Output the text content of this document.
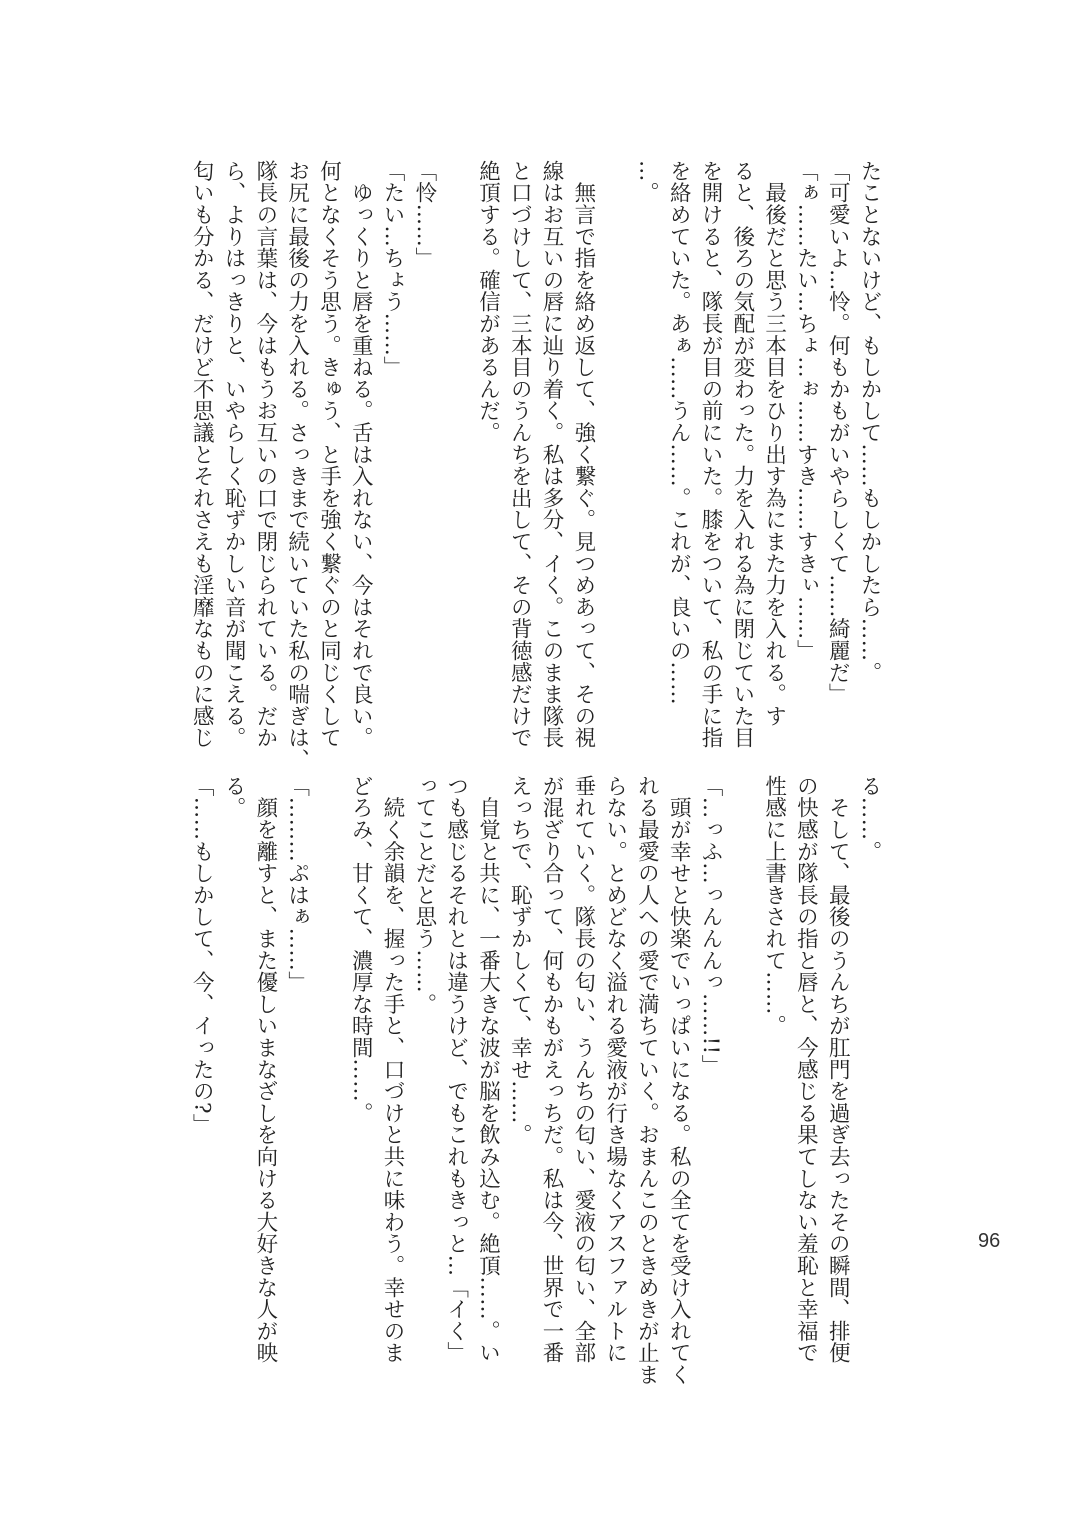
たことないけど、もしかして……もしかしたら……。
「可愛いよ…怜。何もかもがいやらしくて……綺麗だ」
「ぁ……たい…ちょ…ぉ……すき……すきぃ……」
　最後だと思う三本目をひり出す為にまた力を入れる。す
ると、後ろの気配が変わった。力を入れる為に閉じていた目
を開けると、隊長が目の前にいた。膝をついて、私の手に指
を絡めていた。あぁ……うん……。これが、良いの……
…。
　無言で指を絡め返して、強く繋ぐ。見つめあって、その視
線はお互いの唇に辿り着く。私は多分、イく。このまま隊長
と口づけして、三本目のうんちを出して、その背徳感だけで
絶頂する。確信があるんだ。
「怜……」
「たい…ちょう……」
　ゆっくりと唇を重ねる。舌は入れない、今はそれで良い。
何となくそう思う。きゅう、と手を強く繋ぐのと同じくして
お尻に最後の力を入れる。さっきまで続いていた私の喘ぎは、
隊長の言葉は、今はもうお互いの口で閉じられている。だか
ら、よりはっきりと、いやらしく恥ずかしい音が聞こえる。
匂いも分かる、だけど不思議とそれさえも淫靡なものに感じ
る……。
　そして、最後のうんちが肛門を過ぎ去ったその瞬間、排便
の快感が隊長の指と唇と、今感じる果てしない羞恥と幸福で
性感に上書きされて……。
「…っふ…っんんんっ……!!」
　頭が幸せと快楽でいっぱいになる。私の全てを受け入れてく
れる最愛の人への愛で満ちていく。おまんこのときめきが止ま
らない。とめどなく溢れる愛液が行き場なくアスファルトに
垂れていく。隊長の匂い、うんちの匂い、愛液の匂い、全部
が混ざり合って、何もかもがえっちだ。私は今、世界で一番
えっちで、恥ずかしくて、幸せ……。
　自覚と共に、一番大きな波が脳を飲み込む。絶頂……。い
つも感じるそれとは違うけど、でもこれもきっと…「イく」
ってことだと思う……。
　続く余韻を、握った手と、口づけと共に味わう。幸せのま
どろみ、甘くて、濃厚な時間……。
「………ぷはぁ……」
　顔を離すと、また優しいまなざしを向ける大好きな人が映
る。
「……もしかして、今、イったの?」
96
